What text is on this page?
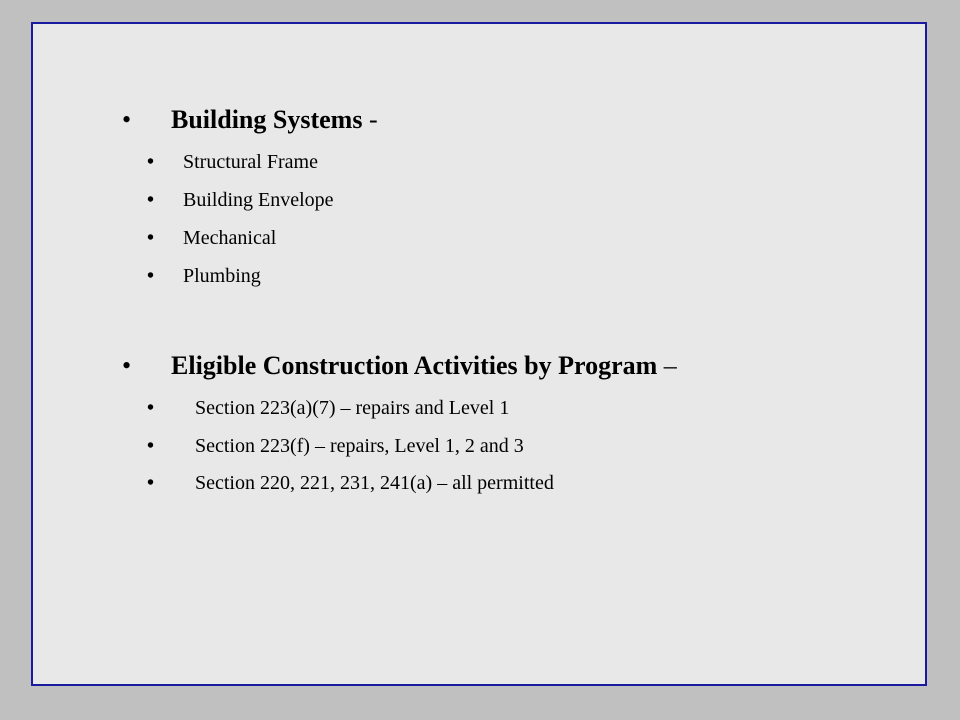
• Building Systems -
• Structural Frame
• Building Envelope
• Mechanical
• Plumbing
• Eligible Construction Activities by Program –
• Section 223(a)(7) – repairs and Level 1
• Section 223(f) – repairs, Level 1, 2 and 3
• Section 220, 221, 231, 241(a) – all permitted
